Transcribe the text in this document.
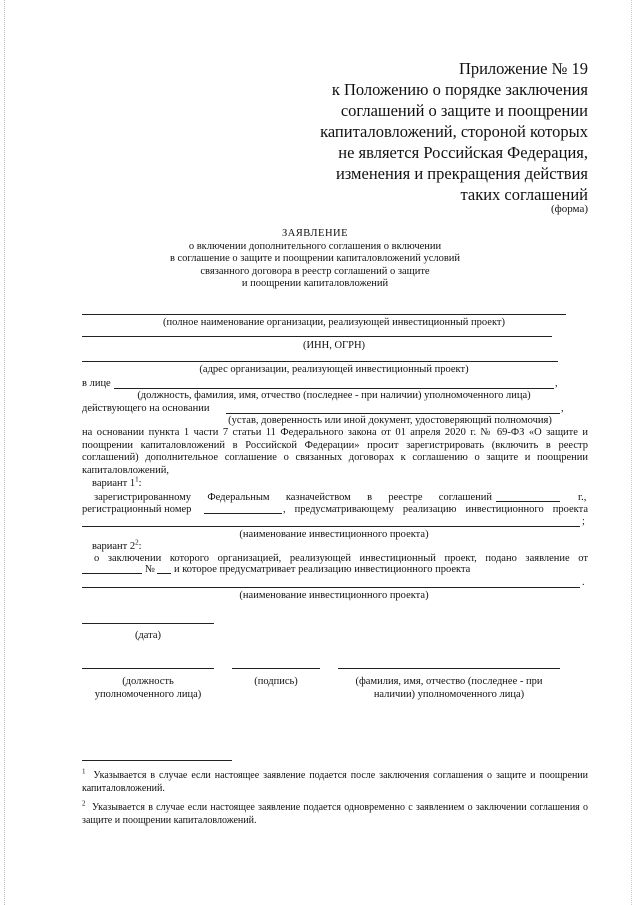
Приложение № 19
к Положению о порядке заключения
соглашений о защите и поощрении
капиталовложений, стороной которых
не является Российская Федерация,
изменения и прекращения действия
таких соглашений
(форма)
ЗАЯВЛЕНИЕ
о включении дополнительного соглашения о включении
в соглашение о защите и поощрении капиталовложений условий
связанного договора в реестр соглашений о защите
и поощрении капиталовложений
(полное наименование организации, реализующей инвестиционный проект)
(ИНН, ОГРН)
(адрес организации, реализующей инвестиционный проект)
в лице	,
(должность, фамилия, имя, отчество (последнее - при наличии) уполномоченного лица)
действующего на основании	,
(устав, доверенность или иной документ, удостоверяющий полномочия)
на основании пункта 1 части 7 статьи 11 Федерального закона от 01 апреля 2020 г. № 69-ФЗ «О защите и поощрении капиталовложений в Российской Федерации» просит зарегистрировать (включить в реестр соглашений) дополнительное соглашение о связанных договорах к соглашению о защите и поощрении капиталовложений,
вариант $1^1$:
зарегистрированному Федеральным казначейством в реестре соглашений	г.,
регистрационный номер	, предусматривающему реализацию инвестиционного проекта
;
(наименование инвестиционного проекта)
вариант $2^2$:
о заключении которого организацией, реализующей инвестиционный проект, подано заявление от
№ и которое предусматривает реализацию инвестиционного проекта
.
(наименование инвестиционного проекта)
(дата)
(должность
уполномоченного лица)
(подпись)	(фамилия, имя, отчество (последнее - при
наличии) уполномоченного лица)
$^1$ Указывается в случае если настоящее заявление подается после заключения соглашения о защите и поощрении капиталовложений.
$^2$ Указывается в случае если настоящее заявление подается одновременно с заявлением о заключении соглашения о защите и поощрении капиталовложений.
